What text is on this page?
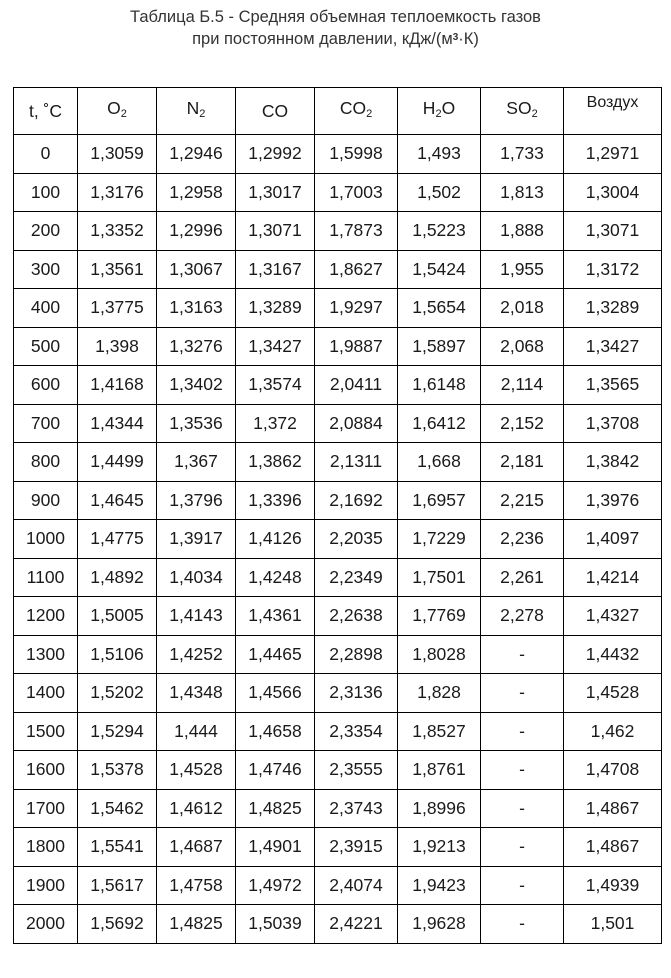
Таблица Б.5 - Средняя объемная теплоемкость газов
при постоянном давлении, кДж/$(м^3\cdot К)$
t, ˚C	$O_2$	$N_2$	CO	$CO_2$	$H_2O$	$SO_2$	Воздух
0	1,3059	1,2946	1,2992	1,5998	1,493	1,733	1,2971
100	1,3176	1,2958	1,3017	1,7003	1,502	1,813	1,3004
200	1,3352	1,2996	1,3071	1,7873	1,5223	1,888	1,3071
300	1,3561	1,3067	1,3167	1,8627	1,5424	1,955	1,3172
400	1,3775	1,3163	1,3289	1,9297	1,5654	2,018	1,3289
500	1,398	1,3276	1,3427	1,9887	1,5897	2,068	1,3427
600	1,4168	1,3402	1,3574	2,0411	1,6148	2,114	1,3565
700	1,4344	1,3536	1,372	2,0884	1,6412	2,152	1,3708
800	1,4499	1,367	1,3862	2,1311	1,668	2,181	1,3842
900	1,4645	1,3796	1,3396	2,1692	1,6957	2,215	1,3976
1000	1,4775	1,3917	1,4126	2,2035	1,7229	2,236	1,4097
1100	1,4892	1,4034	1,4248	2,2349	1,7501	2,261	1,4214
1200	1,5005	1,4143	1,4361	2,2638	1,7769	2,278	1,4327
1300	1,5106	1,4252	1,4465	2,2898	1,8028	-	1,4432
1400	1,5202	1,4348	1,4566	2,3136	1,828	-	1,4528
1500	1,5294	1,444	1,4658	2,3354	1,8527	-	1,462
1600	1,5378	1,4528	1,4746	2,3555	1,8761	-	1,4708
1700	1,5462	1,4612	1,4825	2,3743	1,8996	-	1,4867
1800	1,5541	1,4687	1,4901	2,3915	1,9213	-	1,4867
1900	1,5617	1,4758	1,4972	2,4074	1,9423	-	1,4939
2000	1,5692	1,4825	1,5039	2,4221	1,9628	-	1,501
